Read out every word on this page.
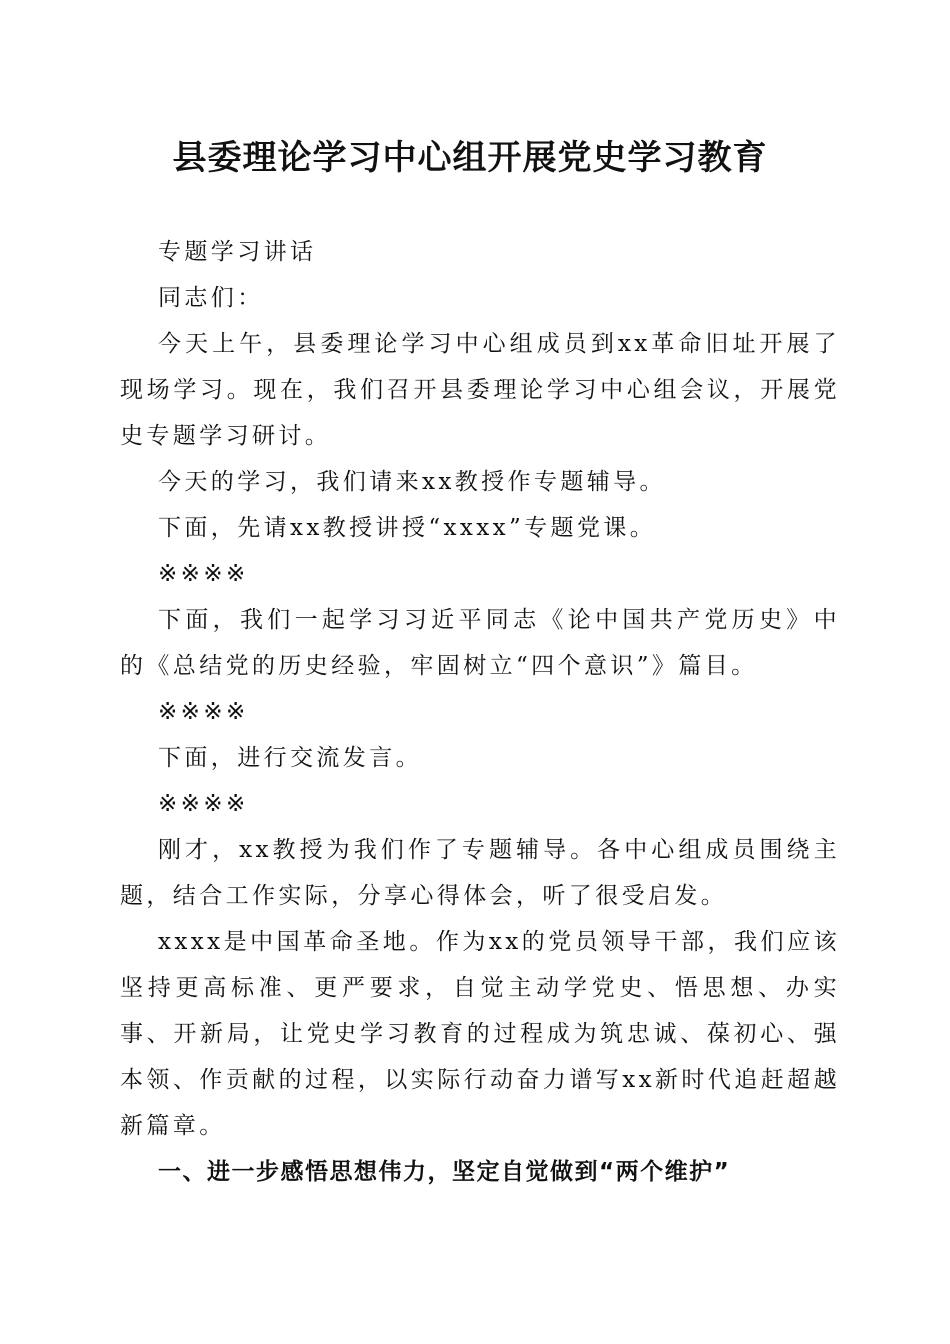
县委理论学习中心组开展党史学习教育

专题学习讲话

同志们：

今天上午，县委理论学习中心组成员到xx革命旧址开展了现场学习。现在，我们召开县委理论学习中心组会议，开展党史专题学习研讨。

今天的学习，我们请来xx教授作专题辅导。

下面，先请xx教授讲授“xxxx”专题党课。

※※※※

下面，我们一起学习习近平同志《论中国共产党历史》中的《总结党的历史经验，牢固树立“四个意识”》篇目。

※※※※

下面，进行交流发言。

※※※※

刚才，xx教授为我们作了专题辅导。各中心组成员围绕主题，结合工作实际，分享心得体会，听了很受启发。

xxxx是中国革命圣地。作为xx的党员领导干部，我们应该坚持更高标准、更严要求，自觉主动学党史、悟思想、办实事、开新局，让党史学习教育的过程成为筑忠诚、葆初心、强本领、作贡献的过程，以实际行动奋力谱写xx新时代追赶超越新篇章。

一、进一步感悟思想伟力，坚定自觉做到“两个维护”
